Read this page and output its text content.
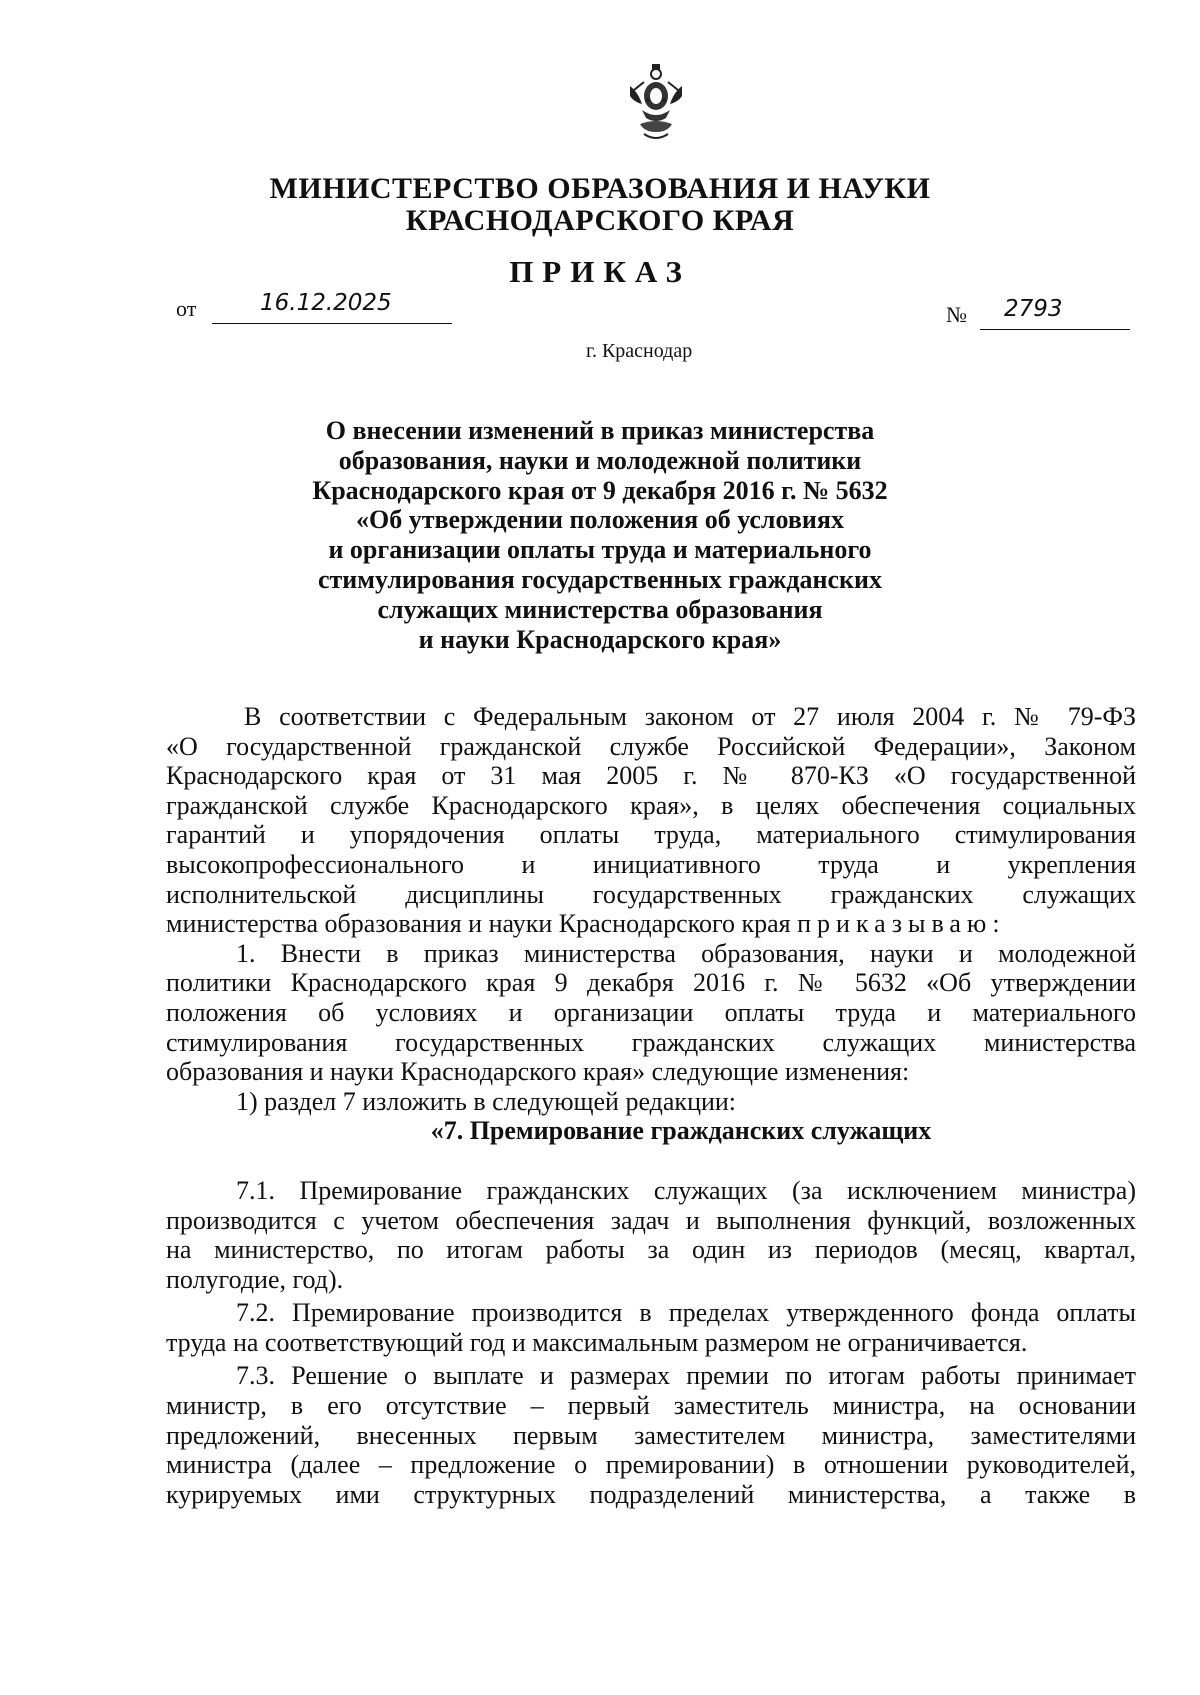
МИНИСТЕРСТВО ОБРАЗОВАНИЯ И НАУКИ
КРАСНОДАРСКОГО КРАЯ
ПРИКАЗ
от	16.12.2025	№ 2793
г. Краснодар
О внесении изменений в приказ министерства
образования, науки и молодежной политики
Краснодарского края от 9 декабря 2016 г. № 5632
«Об утверждении положения об условиях
и организации оплаты труда и материального
стимулирования государственных гражданских
служащих министерства образования
и науки Краснодарского края»
В соответствии с Федеральным законом от 27 июля 2004 г. № 79-ФЗ
«О государственной гражданской службе Российской Федерации», Законом
Краснодарского края от 31 мая 2005 г. № 870-КЗ «О государственной
гражданской службе Краснодарского края», в целях обеспечения социальных
гарантий и упорядочения оплаты труда, материального стимулирования
высокопрофессионального и инициативного труда и укрепления
исполнительской дисциплины государственных гражданских служащих
министерства образования и науки Краснодарского края приказываю:
1. Внести в приказ министерства образования, науки и молодежной
политики Краснодарского края 9 декабря 2016 г. № 5632 «Об утверждении
положения об условиях и организации оплаты труда и материального
стимулирования государственных гражданских служащих министерства
образования и науки Краснодарского края» следующие изменения:
1) раздел 7 изложить в следующей редакции:
«7. Премирование гражданских служащих
7.1. Премирование гражданских служащих (за исключением министра)
производится с учетом обеспечения задач и выполнения функций, возложенных
на министерство, по итогам работы за один из периодов (месяц, квартал,
полугодие, год).
7.2. Премирование производится в пределах утвержденного фонда оплаты
труда на соответствующий год и максимальным размером не ограничивается.
7.3. Решение о выплате и размерах премии по итогам работы принимает
министр, в его отсутствие – первый заместитель министра, на основании
предложений, внесенных первым заместителем министра, заместителями
министра (далее – предложение о премировании) в отношении руководителей,
курируемых ими структурных подразделений министерства, а также в
